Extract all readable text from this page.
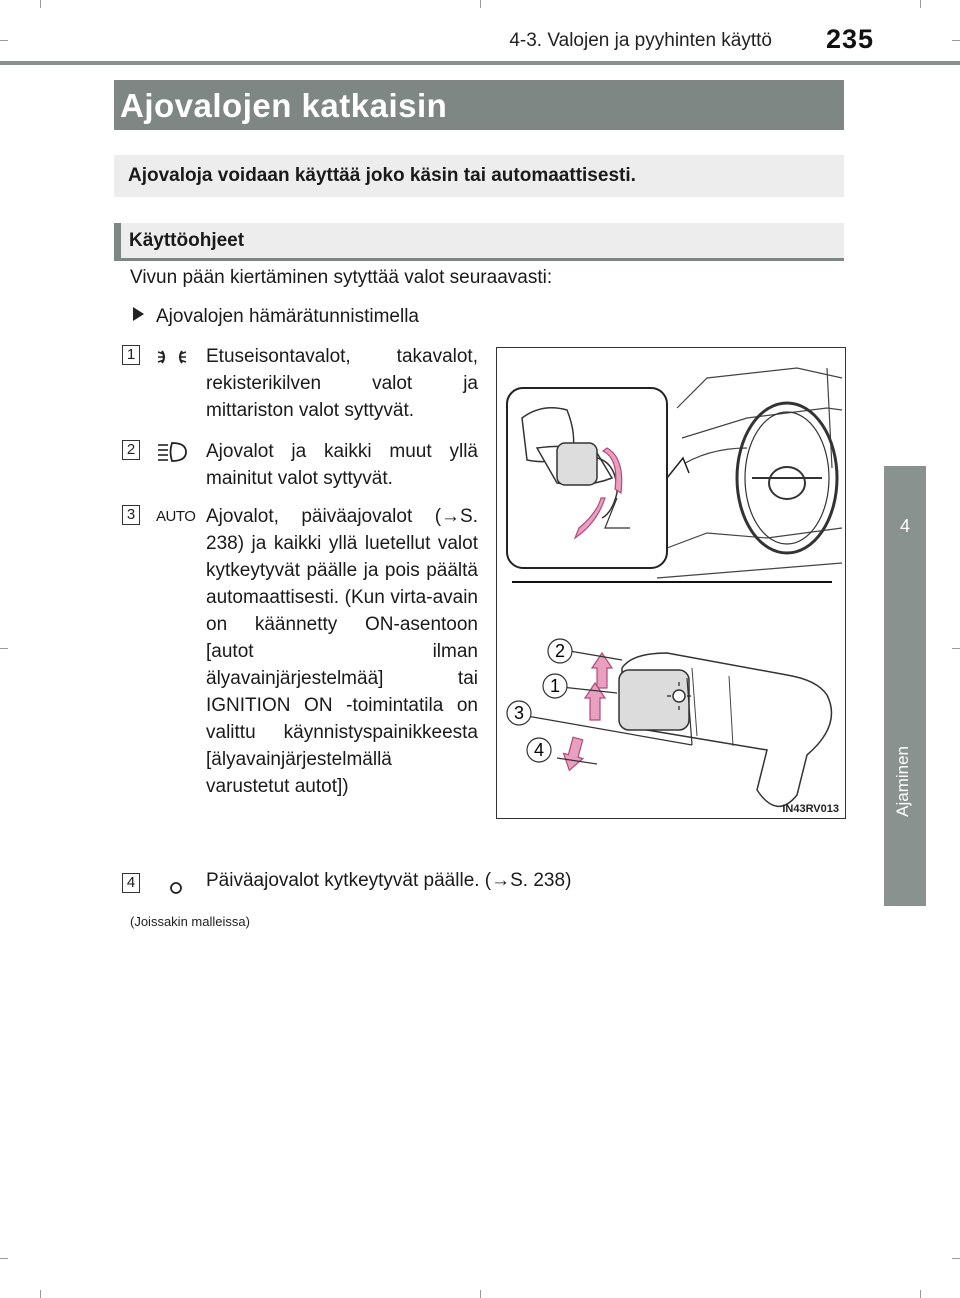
4-3. Valojen ja pyyhinten käyttö 235
4
Ajaminen
Ajovalojen katkaisin
Ajovaloja voidaan käyttää joko käsin tai automaattisesti.
Käyttöohjeet
Vivun pään kiertäminen sytyttää valot seuraavasti:
Ajovalojen hämärätunnistimella
1	Etuseisontavalot, takavalot, rekisterikilven valot ja mittariston valot syttyvät.
2	Ajovalot ja kaikki muut yllä mainitut valot syttyvät.
3	AUTO Ajovalot, päiväajovalot (→S. 238) ja kaikki yllä luetellut valot kytkeytyvät päälle ja pois päältä automaattisesti. (Kun virta-avain on käännetty ON-asentoon [autot ilman älyavainjärjestelmää] tai IGNITION ON -toimintatila on valittu käynnistyspainikkeesta [älyavainjärjestelmällä varustetut autot])
4	Päiväajovalot kytkeytyvät päälle. (→S. 238)
(Joissakin malleissa)
2
1
3
4
IN43RV013
